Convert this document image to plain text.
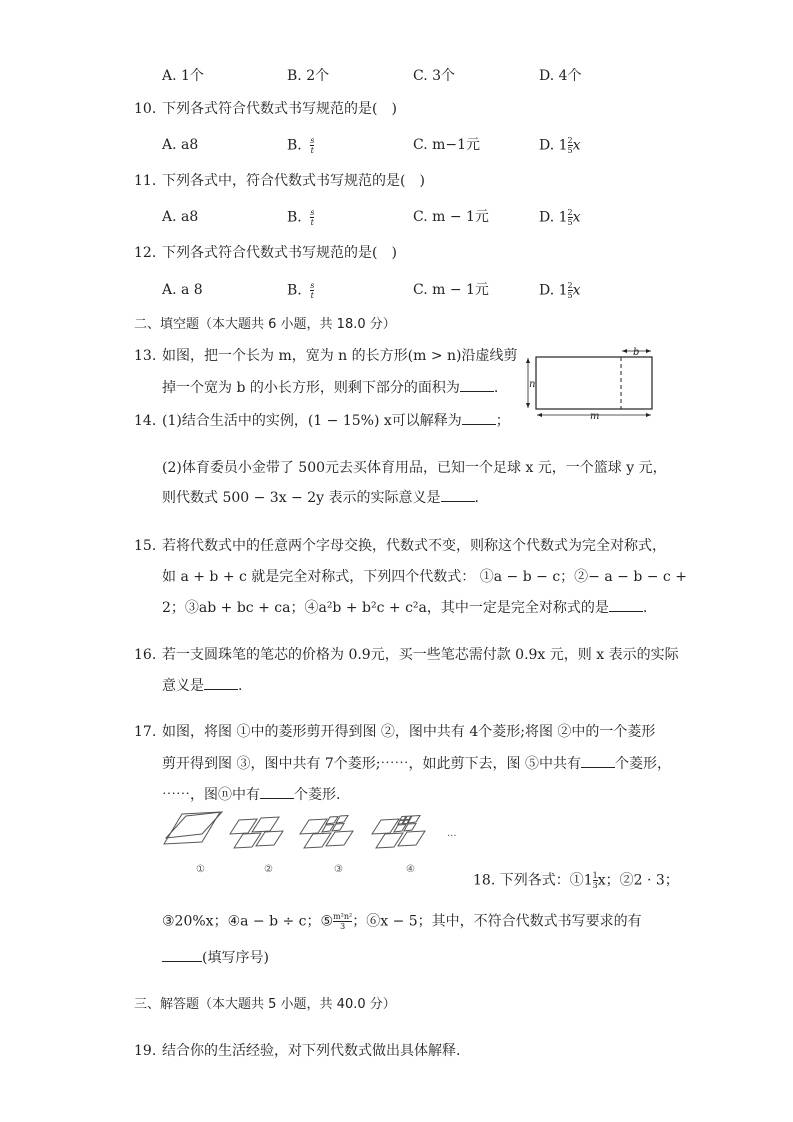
A. 1个	B. 2个	C. 3个	D. 4个
10. 下列各式符合代数式书写规范的是(　)
A. a8	B. $\frac{s}{t}$	C. m−1元	D. $1 \frac{2}{5}$ x
11. 下列各式中，符合代数式书写规范的是(　)
A. a8	B. $\frac{s}{t}$	C. m − 1元	D. $1 \frac{2}{5}$ x
12. 下列各式符合代数式书写规范的是(　)
A. a 8	B. $\frac{s}{t}$	C. m − 1元	D. $1 \frac{2}{5}$ x
二、填空题（本大题共 6 小题，共 18.0 分）
13. 如图，把一个长为 m，宽为 n 的长方形(m > n)沿虚线剪
掉一个宽为 b 的小长方形，则剩下部分的面积为 .
b
n
m
14. (1)结合生活中的实例，(1 − 15%) x可以解释为 ；
(2)体育委员小金带了 500元去买体育用品，已知一个足球 x 元，一个篮球 y 元，
则代数式 500 − 3x − 2y 表示的实际意义是 .
15. 若将代数式中的任意两个字母交换，代数式不变，则称这个代数式为完全对称式，
如 a + b + c 就是完全对称式，下列四个代数式： ①a − b − c；②− a − b − c +
2；③ab + bc + ca；④a²b + b²c + c²a，其中一定是完全对称式的是 .
16. 若一支圆珠笔的笔芯的价格为 0.9元，买一些笔芯需付款 0.9x 元，则 x 表示的实际
意义是 .
17. 如图，将图 ①中的菱形剪开得到图 ②，图中共有 4个菱形;将图 ②中的一个菱形
剪开得到图 ③，图中共有 7个菱形;⋯⋯，如此剪下去，图 ⑤中共有 个菱形，
⋯⋯，图ⓝ中有 个菱形.
...
①	②	③	④
18. 下列各式：①1 $\frac{1}{3}$ x；②2 · 3；
③20%x；④a − b ÷ c；⑤ $\frac{\text{m²n²}}{3}$ ；⑥x − 5；其中，不符合代数式书写要求的有
(填写序号)
三、解答题（本大题共 5 小题，共 40.0 分）
19. 结合你的生活经验，对下列代数式做出具体解释.
